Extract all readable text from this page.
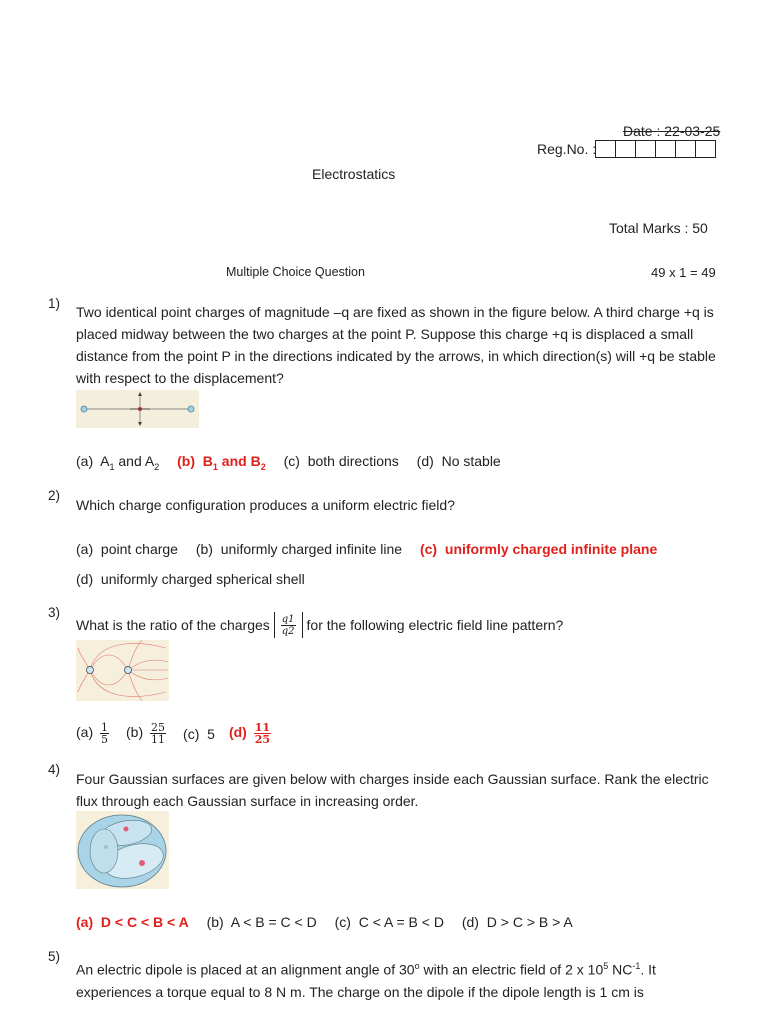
Date : 22-03-25
Reg.No. :
Electrostatics
Total Marks : 50
Multiple Choice Question	49 x 1 = 49
1)
Two identical point charges of magnitude –q are fixed as shown in the figure below. A third charge +q is placed midway between the two charges at the point P. Suppose this charge +q is displaced a small distance from the point P in the directions indicated by the arrows, in which direction(s) will +q be stable with respect to the displacement?
(a) $A_1$ and $A_2$ (b) $B_1$ and $B_2$ (c) both directions (d) No stable
2)
Which charge configuration produces a uniform electric field?
(a) point charge (b) uniformly charged infinite line (c) uniformly charged infinite plane
(d) uniformly charged spherical shell
3)
What is the ratio of the charges $\frac{q1}{q2}$ for the following electric field line pattern?
$(a) \frac{1}{5} (b) \frac{25}{11} (c)$ 5 $(d) \frac{11}{25}$
4)
Four Gaussian surfaces are given below with charges inside each Gaussian surface. Rank the electric flux through each Gaussian surface in increasing order.
(a) D < C < B < A (b) A < B = C < D (c) C < A = B < D (d) D > C > B > A
5)
An electric dipole is placed at an alignment angle of 30$^o$ with an electric field of 2 x $10^5$ $NC^{-1}$. It experiences a torque equal to 8 N m. The charge on the dipole if the dipole length is 1 cm is
